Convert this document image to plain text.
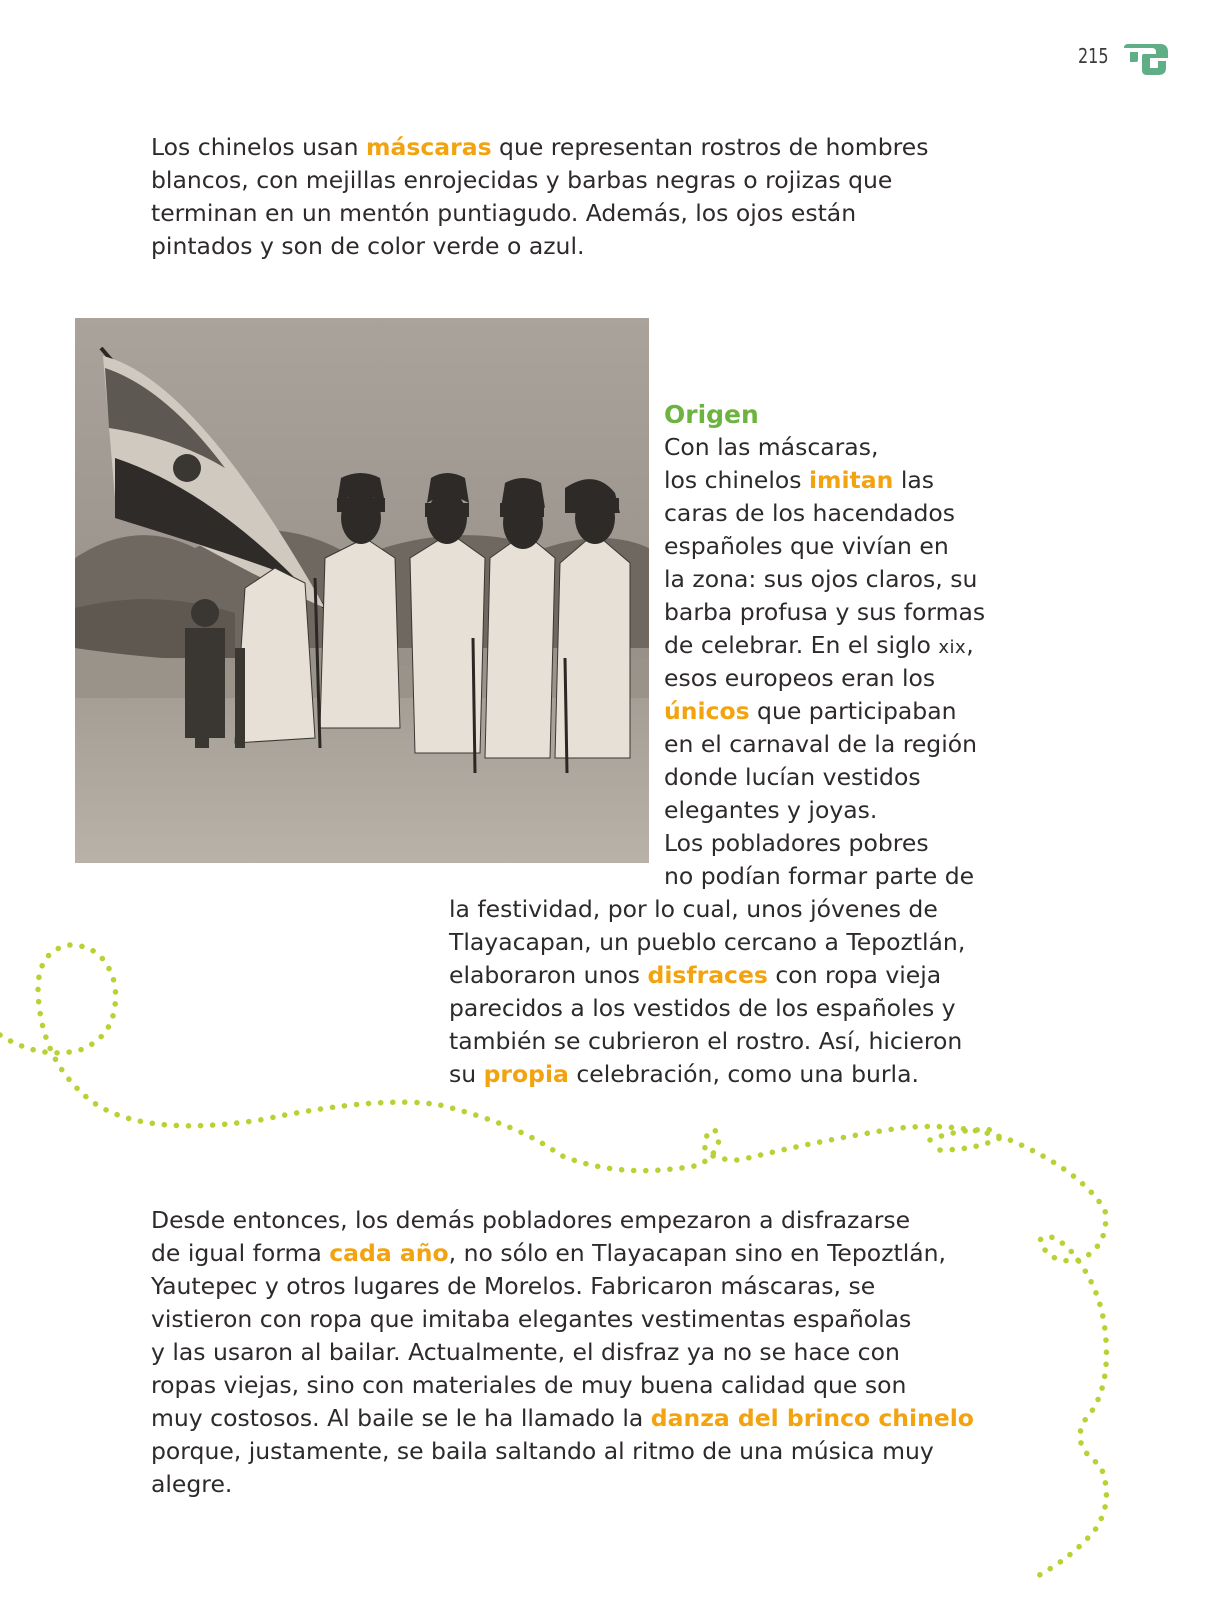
215
Los chinelos usan máscaras que representan rostros de hombres
blancos, con mejillas enrojecidas y barbas negras o rojizas que
terminan en un mentón puntiagudo. Además, los ojos están
pintados y son de color verde o azul.
Origen
Con las máscaras,
los chinelos imitan las
caras de los hacendados
españoles que vivían en
la zona: sus ojos claros, su
barba profusa y sus formas
de celebrar. En el siglo xix,
esos europeos eran los
únicos que participaban
en el carnaval de la región
donde lucían vestidos
elegantes y joyas.
Los pobladores pobres
no podían formar parte de
la festividad, por lo cual, unos jóvenes de
Tlayacapan, un pueblo cercano a Tepoztlán,
elaboraron unos disfraces con ropa vieja
parecidos a los vestidos de los españoles y
también se cubrieron el rostro. Así, hicieron
su propia celebración, como una burla.
Desde entonces, los demás pobladores empezaron a disfrazarse
de igual forma cada año, no sólo en Tlayacapan sino en Tepoztlán,
Yautepec y otros lugares de Morelos. Fabricaron máscaras, se
vistieron con ropa que imitaba elegantes vestimentas españolas
y las usaron al bailar. Actualmente, el disfraz ya no se hace con
ropas viejas, sino con materiales de muy buena calidad que son
muy costosos. Al baile se le ha llamado la danza del brinco chinelo
porque, justamente, se baila saltando al ritmo de una música muy
alegre.
